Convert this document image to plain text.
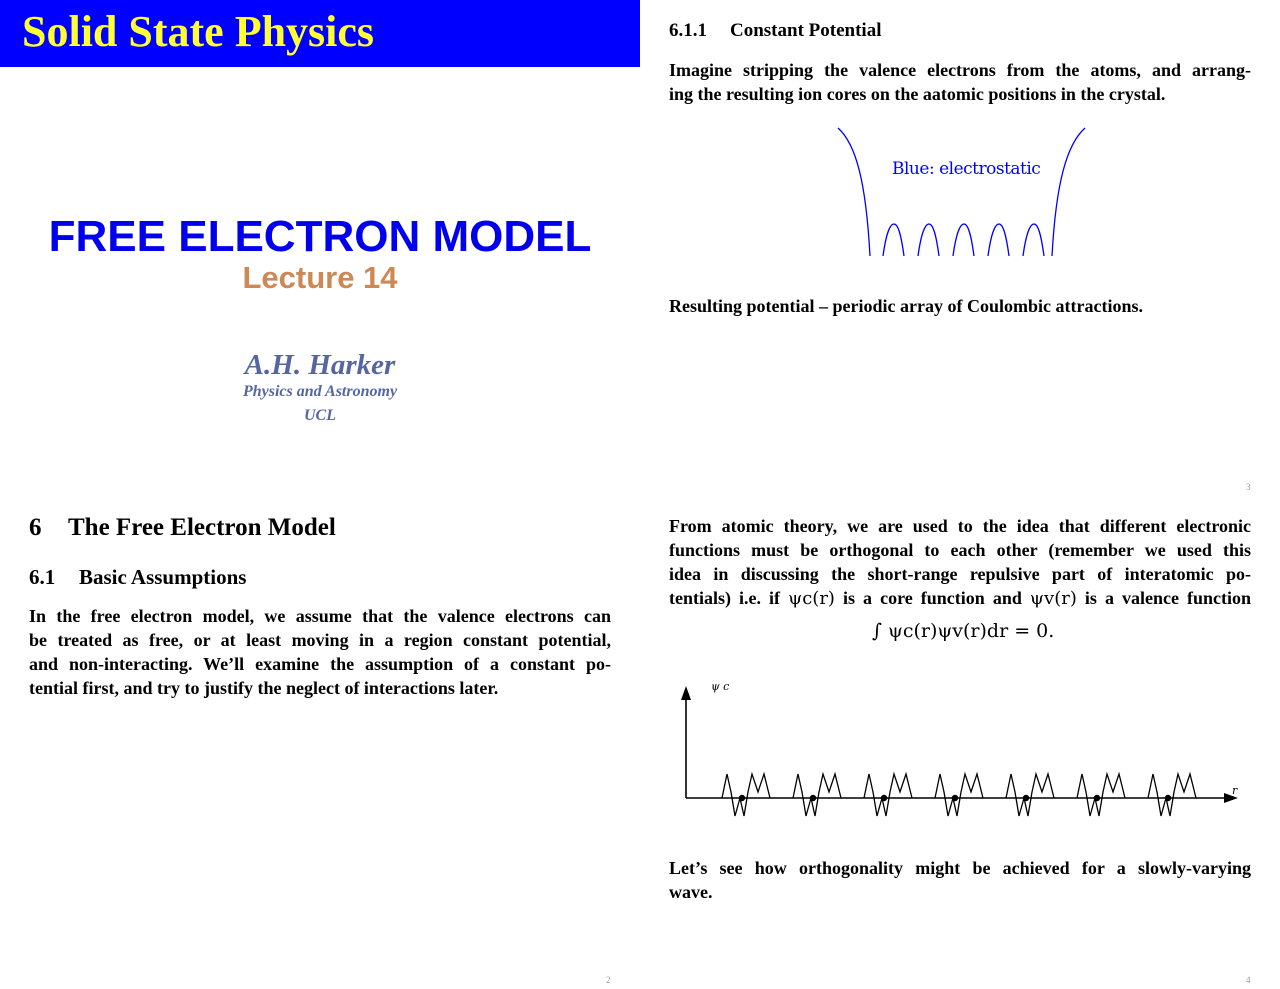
Solid State Physics
FREE ELECTRON MODEL
Lecture 14
A.H. Harker
Physics and Astronomy
UCL
6.1.1 Constant Potential
Imagine stripping the valence electrons from the atoms, and arrang-
ing the resulting ion cores on the aatomic positions in the crystal.
Blue: electrostatic
Resulting potential – periodic array of Coulombic attractions.
3
6 The Free Electron Model
6.1 Basic Assumptions
In the free electron model, we assume that the valence electrons can
be treated as free, or at least moving in a region constant potential,
and non-interacting. We’ll examine the assumption of a constant po-
tential first, and try to justify the neglect of interactions later.
2
From atomic theory, we are used to the idea that different electronic
functions must be orthogonal to each other (remember we used this
idea in discussing the short-range repulsive part of interatomic po-
tentials) i.e. if ψc(r) is a core function and ψv(r) is a valence function
∫ ψc(r)ψv(r)dr = 0.
ψ c
r
Let’s see how orthogonality might be achieved for a slowly-varying
wave.
4
